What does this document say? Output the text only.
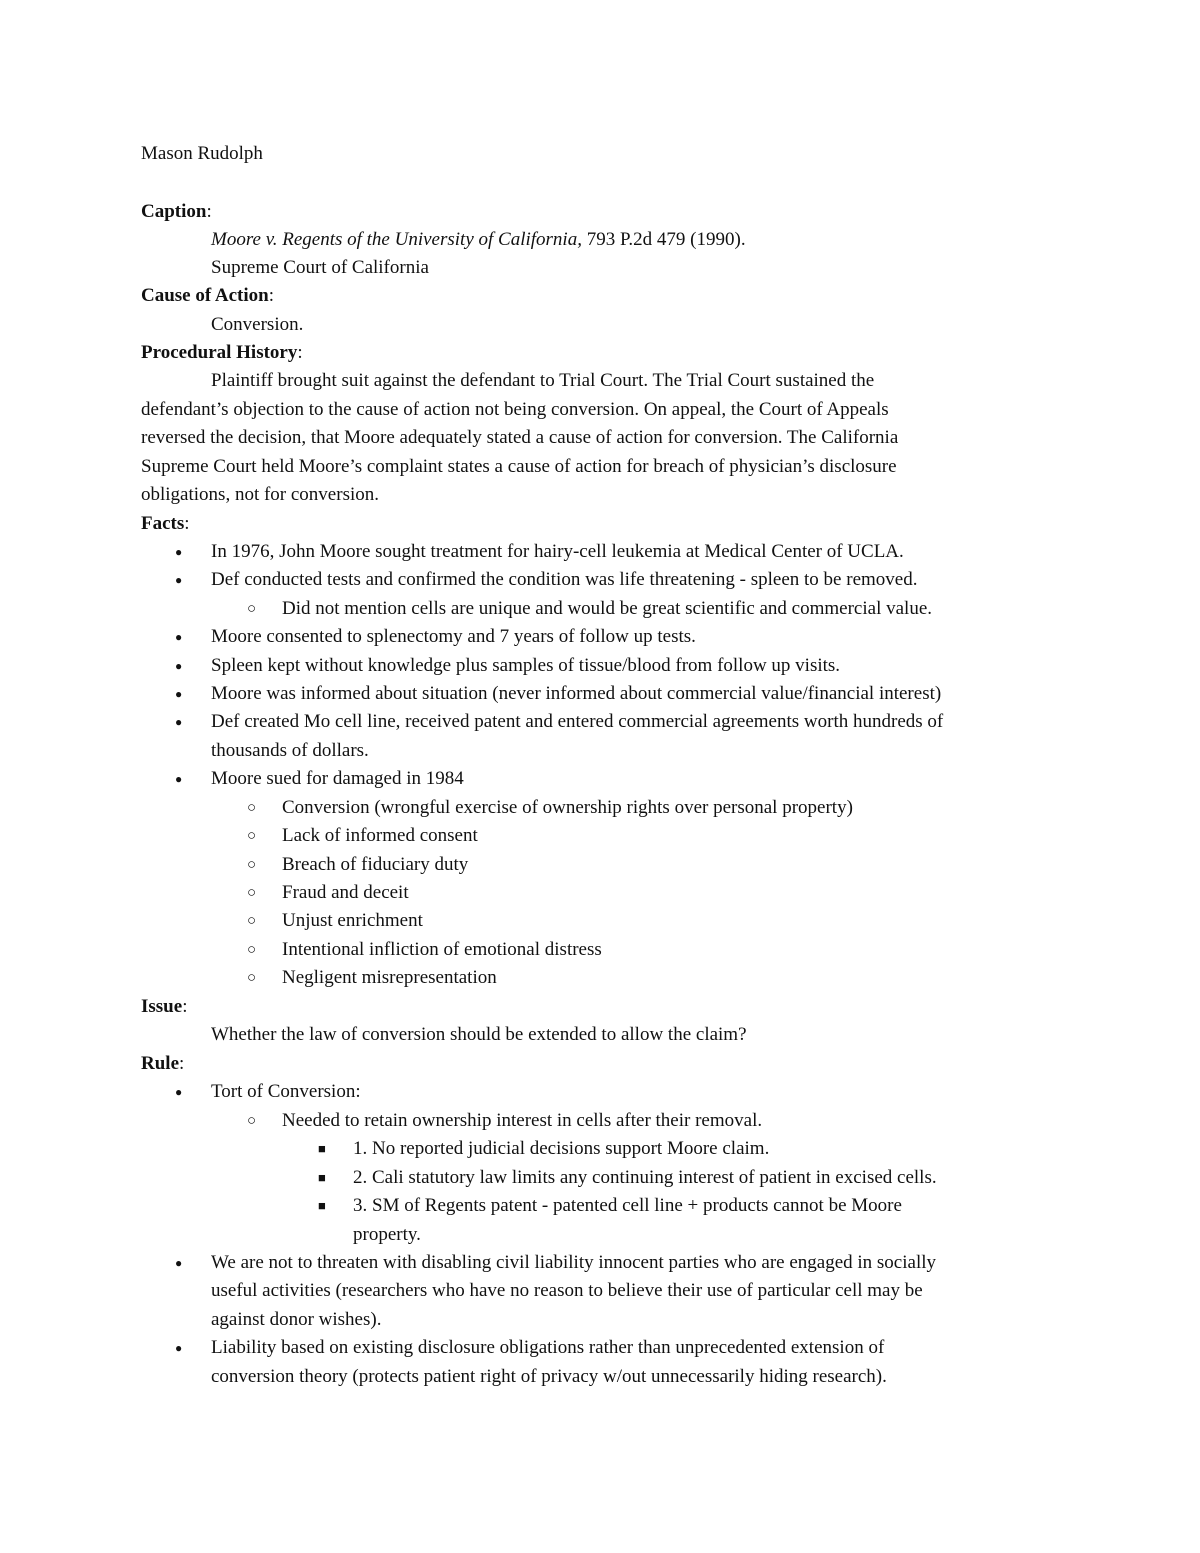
Mason Rudolph
Caption:
Moore v. Regents of the University of California, 793 P.2d 479 (1990).
Supreme Court of California
Cause of Action:
Conversion.
Procedural History:
Plaintiff brought suit against the defendant to Trial Court. The Trial Court sustained the
defendant’s objection to the cause of action not being conversion. On appeal, the Court of Appeals
reversed the decision, that Moore adequately stated a cause of action for conversion. The California
Supreme Court held Moore’s complaint states a cause of action for breach of physician’s disclosure
obligations, not for conversion.
Facts:
● In 1976, John Moore sought treatment for hairy-cell leukemia at Medical Center of UCLA.
● Def conducted tests and confirmed the condition was life threatening - spleen to be removed.
○ Did not mention cells are unique and would be great scientific and commercial value.
● Moore consented to splenectomy and 7 years of follow up tests.
● Spleen kept without knowledge plus samples of tissue/blood from follow up visits.
● Moore was informed about situation (never informed about commercial value/financial interest)
● Def created Mo cell line, received patent and entered commercial agreements worth hundreds of
thousands of dollars.
● Moore sued for damaged in 1984
○ Conversion (wrongful exercise of ownership rights over personal property)
○ Lack of informed consent
○ Breach of fiduciary duty
○ Fraud and deceit
○ Unjust enrichment
○ Intentional infliction of emotional distress
○ Negligent misrepresentation
Issue:
Whether the law of conversion should be extended to allow the claim?
Rule:
● Tort of Conversion:
○ Needed to retain ownership interest in cells after their removal.
■ 1. No reported judicial decisions support Moore claim.
■ 2. Cali statutory law limits any continuing interest of patient in excised cells.
■ 3. SM of Regents patent - patented cell line + products cannot be Moore
property.
● We are not to threaten with disabling civil liability innocent parties who are engaged in socially
useful activities (researchers who have no reason to believe their use of particular cell may be
against donor wishes).
● Liability based on existing disclosure obligations rather than unprecedented extension of
conversion theory (protects patient right of privacy w/out unnecessarily hiding research).
